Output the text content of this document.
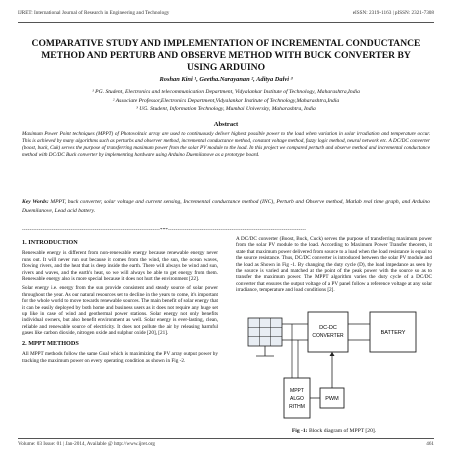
IJRET: International Journal of Research in Engineering and Technology	eISSN: 2319-1163 | pISSN: 2321-7308
COMPARATIVE STUDY AND IMPLEMENTATION OF INCREMENTAL CONDUCTANCE METHOD AND PERTURB AND OBSERVE METHOD WITH BUCK CONVERTER BY USING ARDUINO
Roshan Kini ¹, Geetha.Narayanan ², Aditya Dalvi ³
¹ PG. Student, Electronics and telecommunication Department, Vidyalankar Institute of Technology, Maharashtra,India
² Associate Professor,Electronics Department,Vidyalankar Institute of Technology,Maharashtra,India
³ UG. Student, Information Technology, Mumbai University, Maharashtra, India
Abstract
Maximum Power Point techniques (MPPT) of Photovoltaic array are used to continuously deliver highest possible power to the load when variation in solar irradiation and temperature occur. This is achieved by many algorithms such as perturbs and observer method, incremental conductance method, constant voltage method, fuzzy logic method, neural network etc. A DC/DC converter (boost, buck, Cuk) serves the purpose of transferring maximum power from the solar PV module to the load. In this project we compared perturb and observe method and incremental conductance method with DC/DC Buck converter by implementing hardware using Arduino Duemilanove as a prototype board.
Key Words: MPPT, buck converter, solar voltage and current sensing, Incremental conductance method (INC), Perturb and Observe method, Matlab real time graph, and Arduino Duemilanove, Lead acid battery.
--------------------------------------------------------------------------***--------------------------------------------------------------------------
1. INTRODUCTION

Renewable energy is different from non-renewable energy because renewable energy never runs out. It will never run out because it comes from the wind, the sun, the ocean waves, flowing rivers, and the heat that is deep inside the earth. There will always be wind and sun, rivers and waves, and the earth's heat, so we will always be able to get energy from them. Renewable energy also is more special because it does not hurt the environment [22].

Solar energy i.e. energy from the sun provide consistent and steady source of solar power throughout the year. As our natural resources set to decline in the years to come, it's important for the whole world to move towards renewable sources. The main benefit of solar energy that it can be easily deployed by both home and business users as it does not require any huge set up like in case of wind and geothermal power stations. Solar energy not only benefits individual owners, but also benefit environment as well. Solar energy is ever-lasting, clean, reliable and renewable source of electricity. It does not pollute the air by releasing harmful gases like carbon dioxide, nitrogen oxide and sulphur oxide [20], [21].

2. MPPT METHODS

All MPPT methods follow the same Goal which is maximizing the PV array output power by tracking the maximum power on every operating condition as shown in Fig -2.

A DC/DC converter (Boost, Buck, Cuck) serves the purpose of transferring maximum power from the solar PV module to the load. According to Maximum Power Transfer theorem, it state that maximum power delivered from source to a load when the load resistance is equal to the source resistance. Thus, DC/DC converter is introduced between the solar PV module and the load as Shown in Fig -1. By changing the duty cycle (D), the load impedance as seen by the source is varied and matched at the point of the peak power with the source so as to transfer the maximum power. The MPPT algorithm varies the duty cycle of a DC/DC converter that ensures the output voltage of a PV panel follow a reference voltage at any solar irradiance, temperature and load conditions [2].

DC-DC
CONVERTER	BATTERY
MPPT
ALGO
RITHM
PWM
Fig -1: Block diagram of MPPT [20].
Volume: 03 Issue: 01 | Jan-2014, Available @ http://www.ijret.org	461
